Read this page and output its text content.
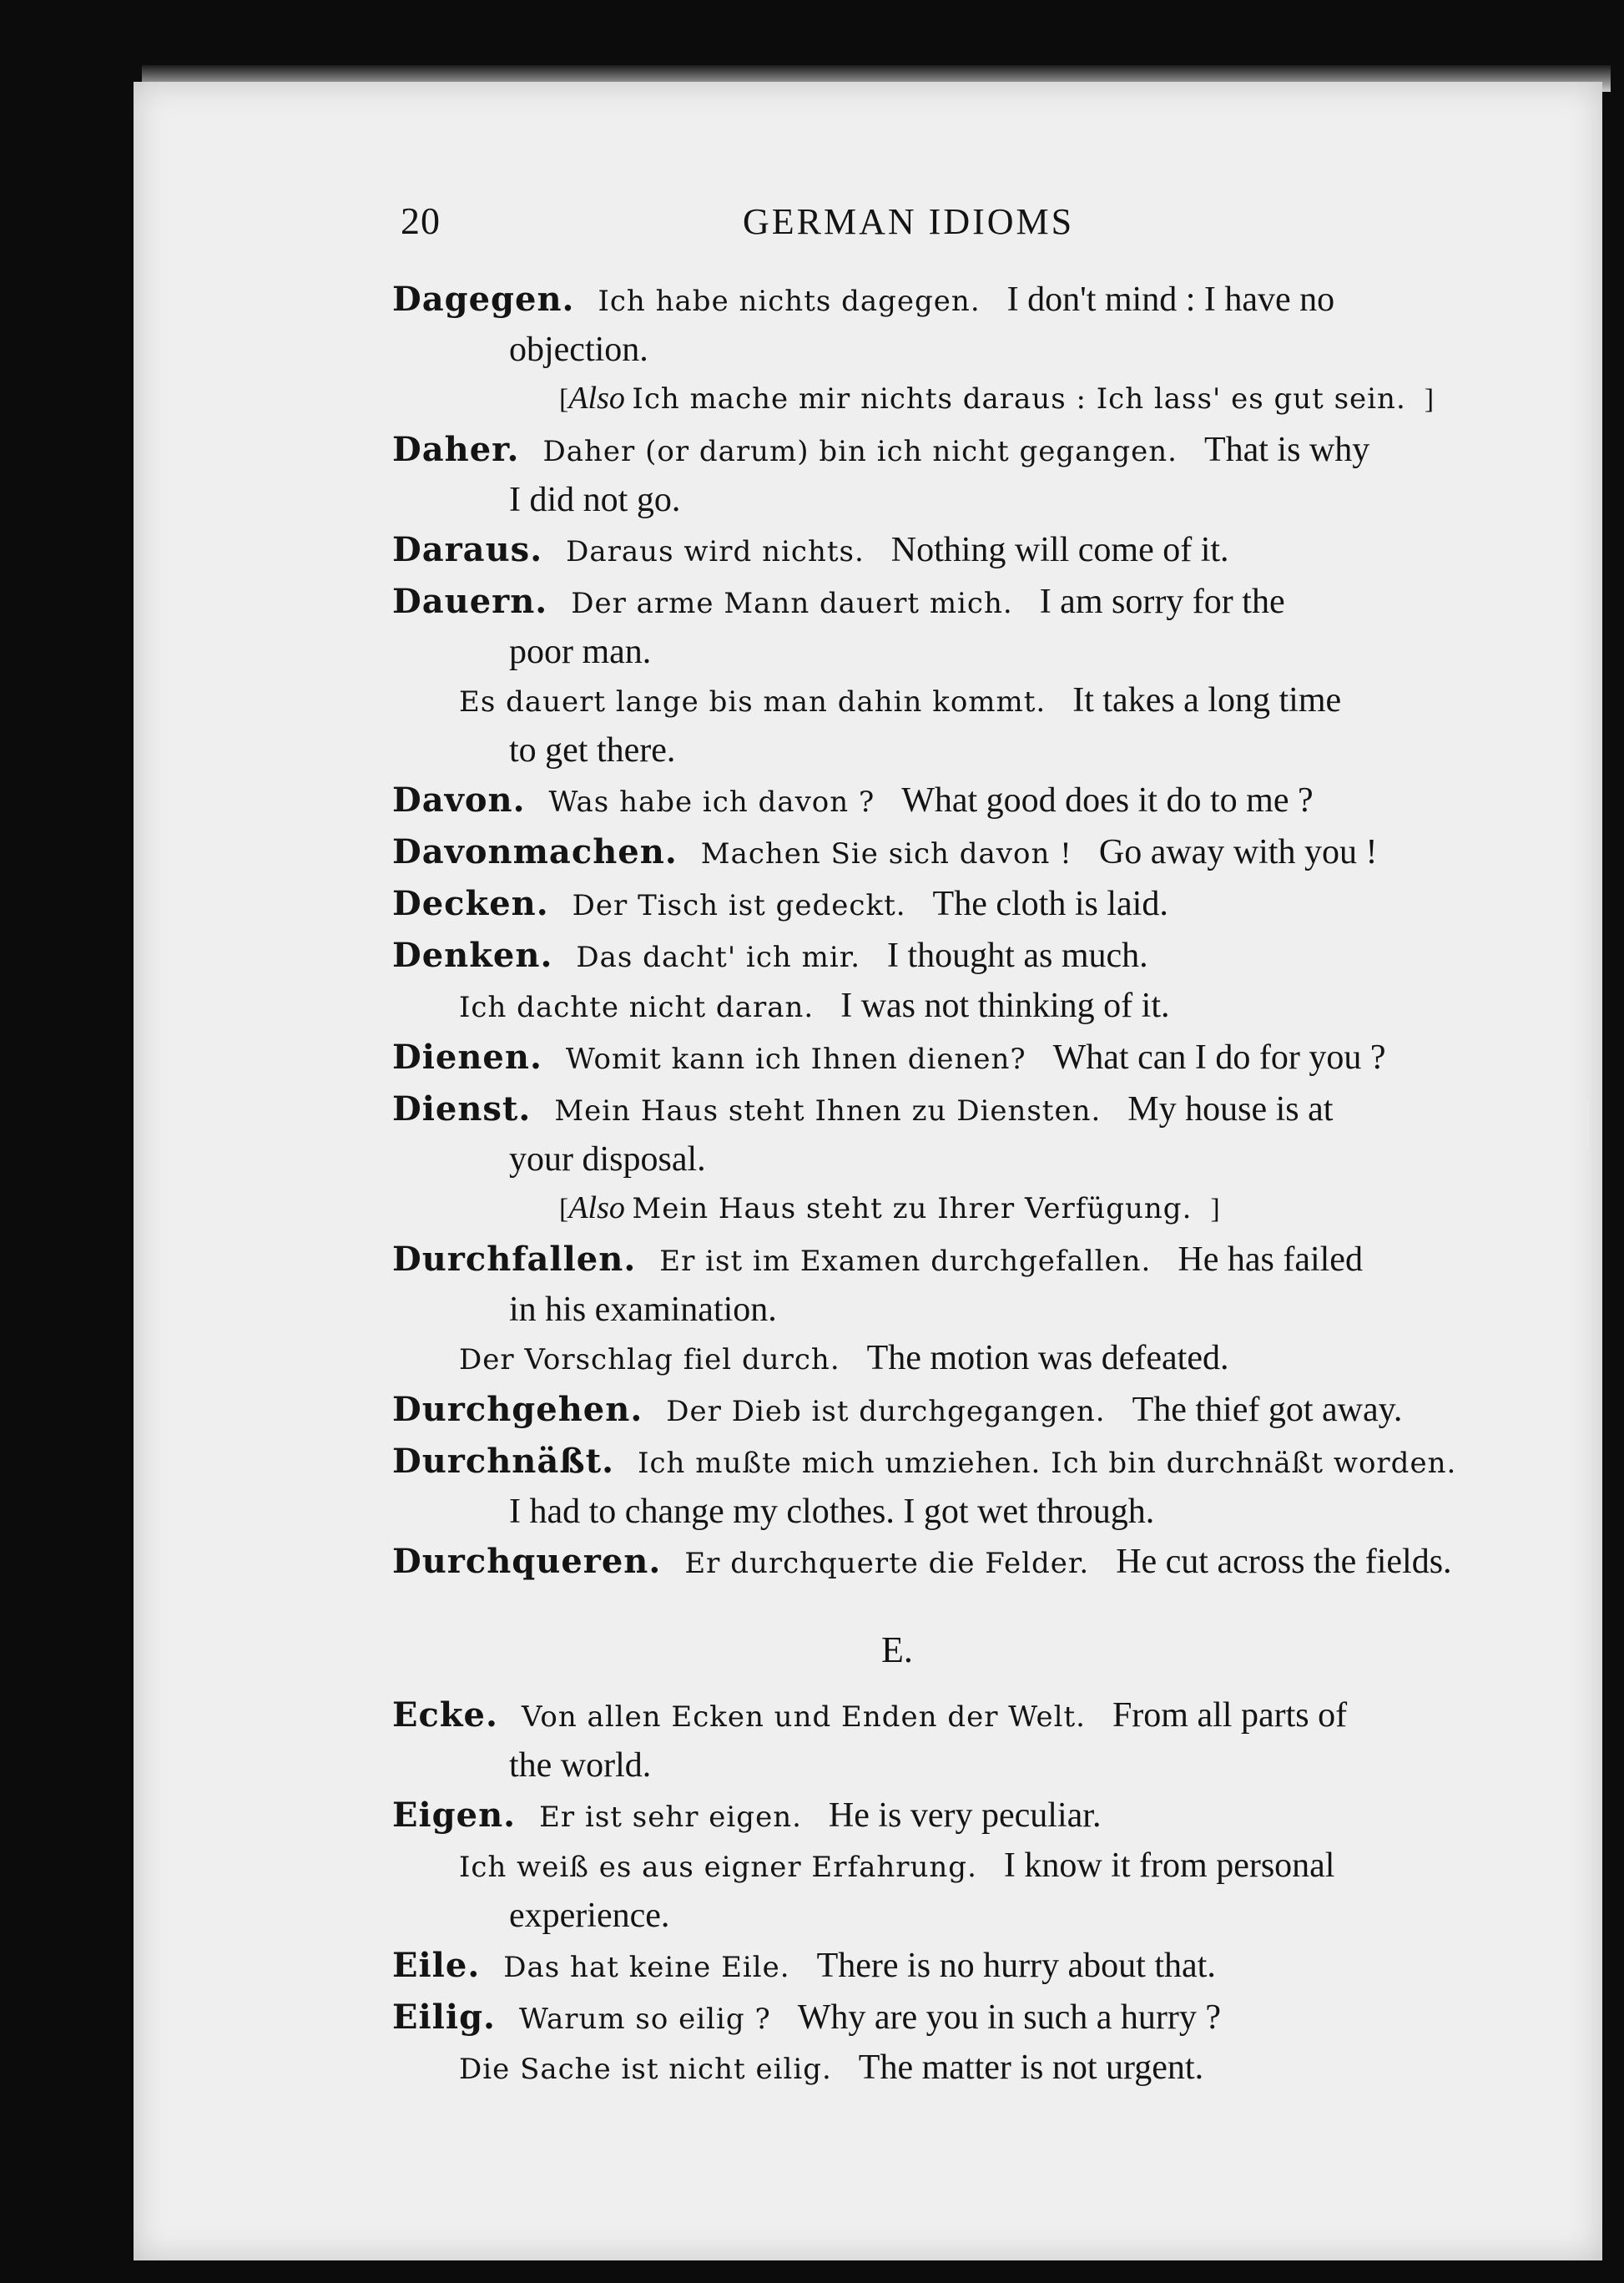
20	GERMAN IDIOMS
Dagegen. Ich habe nichts dagegen. I don't mind : I have no
objection.
[Also Ich mache mir nichts daraus : Ich lass' es gut sein. ]
Daher. Daher (or darum) bin ich nicht gegangen. That is why
I did not go.
Daraus. Daraus wird nichts. Nothing will come of it.
Dauern. Der arme Mann dauert mich. I am sorry for the
poor man.
Es dauert lange bis man dahin kommt. It takes a long time
to get there.
Davon. Was habe ich davon ? What good does it do to me ?
Davonmachen. Machen Sie sich davon ! Go away with you !
Decken. Der Tisch ist gedeckt. The cloth is laid.
Denken. Das dacht' ich mir. I thought as much.
Ich dachte nicht daran. I was not thinking of it.
Dienen. Womit kann ich Ihnen dienen? What can I do for you ?
Dienst. Mein Haus steht Ihnen zu Diensten. My house is at
your disposal.
[Also Mein Haus steht zu Ihrer Verfügung. ]
Durchfallen. Er ist im Examen durchgefallen. He has failed
in his examination.
Der Vorschlag fiel durch. The motion was defeated.
Durchgehen. Der Dieb ist durchgegangen. The thief got away.
Durchnäßt. Ich mußte mich umziehen. Ich bin durchnäßt worden.
I had to change my clothes. I got wet through.
Durchqueren. Er durchquerte die Felder. He cut across the fields.
E.
Ecke. Von allen Ecken und Enden der Welt. From all parts of
the world.
Eigen. Er ist sehr eigen. He is very peculiar.
Ich weiß es aus eigner Erfahrung. I know it from personal
experience.
Eile. Das hat keine Eile. There is no hurry about that.
Eilig. Warum so eilig ? Why are you in such a hurry ?
Die Sache ist nicht eilig. The matter is not urgent.
